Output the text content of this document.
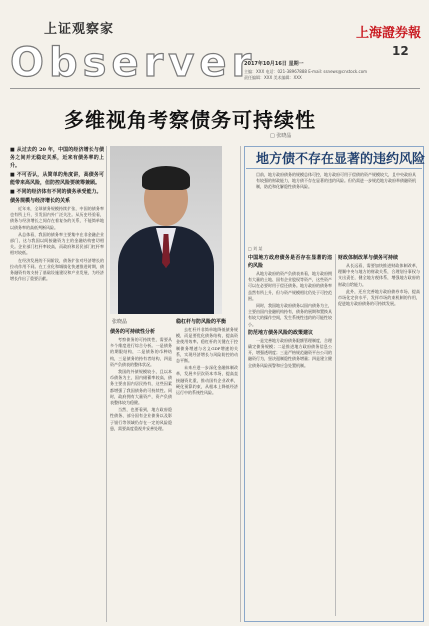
上证观察家
Observer
上海證券報
12
2017年10月16日 星期一
主编：XXX 电话：021-38967888 E-mail: ssnews@cnstock.com
责任编辑：XXX 美术编辑：XXX
多维视角考察债务可持续性
□ 张晓晶

■ 从过去的 20 年，中国的经济增长与债务之间并无稳定关系，近来有债务率的上升。

■ 不可否认，从简单的角度讲，高债务可能带来高风险，但防控风险要统筹兼顾。

■ 不同的经济体有不同的债务承受能力。

债务规模与经济增长的关系

近年来，全球债务规模持续扩张，中国的债务率也有所上升，引发国内外广泛关注。从历史经验看，债务与经济增长之间存在着复杂的关系，不能简单地以债务率的高低判断风险。

从总体看，我国的债务率主要集中在非金融企业部门，这与我国以间接融资为主的金融结构密切相关。企业部门杠杆率较高，而政府和居民部门杠杆率相对较低。

在经济发展的不同阶段，债务扩张对经济增长的拉动作用不同。在工业化和城镇化快速推进时期，债务融资有效支持了基础设施建设和产业发展，为经济增长作出了重要贡献。

张晓晶

债务的可持续性分析

考察债务的可持续性，需要从多个维度进行综合分析。一是债务的期限结构，二是债务的币种结构，三是债务的持有者结构，四是资产负债表的整体状况。

我国的外债规模较小，且以本币债务为主，国内储蓄率较高，债务主要由国内居民持有，这些因素都增强了我国债务的可持续性。同时，政府拥有大量资产，资产负债表整体较为稳健。

当然，也要看到，地方政府隐性债务、部分国有企业债务以及影子银行等领域仍存在一定的风险隐患，需要高度重视并妥善处理。

稳杠杆与防风险的平衡

去杠杆并非简单地降低债务规模，而是要优化债务结构，提高资金使用效率。稳杠杆的关键在于控制债务增速与名义GDP增速的关系，实现经济增长与风险防控的动态平衡。

未来应进一步深化金融体制改革，发展多层次资本市场，提高直接融资比重，推动国有企业改革，硬化预算约束，从根本上降低经济运行中的系统性风险。

地方债不存在显著的违约风险
目前，地方政府债务的规模总体可控，地方政府可用于偿债的资产规模较大，且中央政府具有较强的财政能力，地方债不存在显著的违约风险。但仍需进一步规范地方政府举债融资机制，防范和化解隐性债务风险。
□ 刘 某

中国地方政府债务是否存在显著的违约风险

从地方政府的资产负债表来看，地方政府拥有大量的土地、国有企业股权等资产，这些资产可以在必要时用于偿还债务。地方政府的债务率虽然有所上升，但与资产规模相比仍处于可控范围。

同时，我国地方政府债务以国内债务为主，主要由国内金融机构持有，债务的展期和置换具有较大的操作空间，发生系统性违约的可能性较小。

防范地方债务风险的政策建议

一是完善地方政府债务限额管理制度，合理确定债务规模；二是推进地方政府债务信息公开，增强透明度；三是严格规范融资平台公司的融资行为，坚决遏制隐性债务增量；四是建立健全债务风险预警和应急处置机制。

财政体制改革与债务可持续

从长远看，需要加快推进财政体制改革，理顺中央与地方的财政关系，合理划分事权与支出责任，健全地方税体系，增强地方政府的财政自给能力。

此外，还应完善地方政府债券市场，提高市场化定价水平，发挥市场约束机制的作用，促进地方政府债务的可持续发展。
